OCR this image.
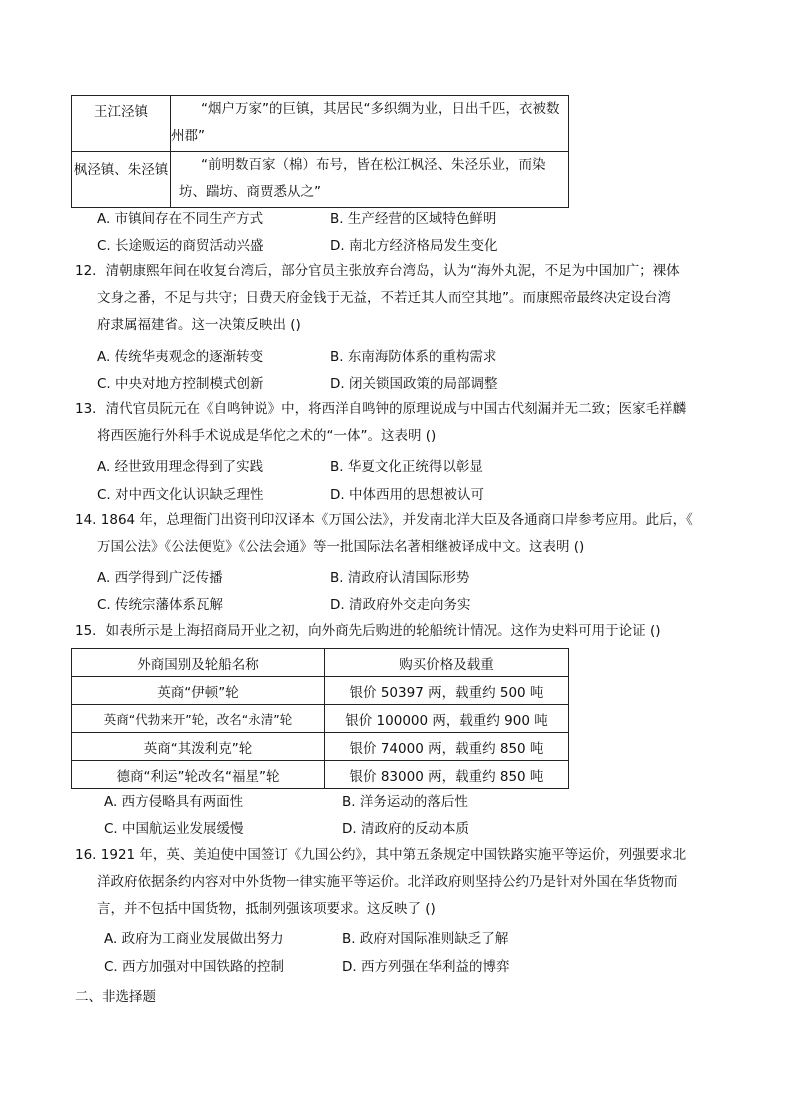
王江泾镇	“烟户万家”的巨镇，其居民“多织绸为业，日出千匹，衣被数
州郡”

枫泾镇、朱泾镇	“前明数百家（棉）布号，皆在松江枫泾、朱泾乐业，而染
坊、踹坊、商贾悉从之”
A. 市镇间存在不同生产方式	B. 生产经营的区域特色鲜明
C. 长途贩运的商贸活动兴盛	D. 南北方经济格局发生变化
12．清朝康熙年间在收复台湾后，部分官员主张放弃台湾岛，认为“海外丸泥，不足为中国加广；裸体
文身之番，不足与共守；日费天府金钱于无益，不若迁其人而空其地”。而康熙帝最终决定设台湾
府隶属福建省。这一决策反映出 ()
A. 传统华夷观念的逐渐转变	B. 东南海防体系的重构需求
C. 中央对地方控制模式创新	D. 闭关锁国政策的局部调整
13．清代官员阮元在《自鸣钟说》中，将西洋自鸣钟的原理说成与中国古代刻漏并无二致；医家毛祥麟
将西医施行外科手术说成是华佗之术的“一体”。这表明 ()
A. 经世致用理念得到了实践	B. 华夏文化正统得以彰显
C. 对中西文化认识缺乏理性	D. 中体西用的思想被认可
14. 1864 年，总理衙门出资刊印汉译本《万国公法》，并发南北洋大臣及各通商口岸参考应用。此后，《
万国公法》《公法便览》《公法会通》等一批国际法名著相继被译成中文。这表明 ()
A. 西学得到广泛传播	B. 清政府认清国际形势
C. 传统宗藩体系瓦解	D. 清政府外交走向务实
15．如表所示是上海招商局开业之初，向外商先后购进的轮船统计情况。这作为史料可用于论证 ()
外商国别及轮船名称	购买价格及载重
英商“伊顿”轮	银价 50397 两，载重约 500 吨
英商“代勃来开”轮，改名“永清”轮	银价 100000 两，载重约 900 吨
英商“其泼利克”轮	银价 74000 两，载重约 850 吨
德商“利运”轮改名“福星”轮	银价 83000 两，载重约 850 吨
A. 西方侵略具有两面性	B. 洋务运动的落后性
C. 中国航运业发展缓慢	D. 清政府的反动本质
16. 1921 年，英、美迫使中国签订《九国公约》，其中第五条规定中国铁路实施平等运价，列强要求北
洋政府依据条约内容对中外货物一律实施平等运价。北洋政府则坚持公约乃是针对外国在华货物而
言，并不包括中国货物，抵制列强该项要求。这反映了 ()
A. 政府为工商业发展做出努力	B. 政府对国际准则缺乏了解
C. 西方加强对中国铁路的控制	D. 西方列强在华利益的博弈
二、非选择题
